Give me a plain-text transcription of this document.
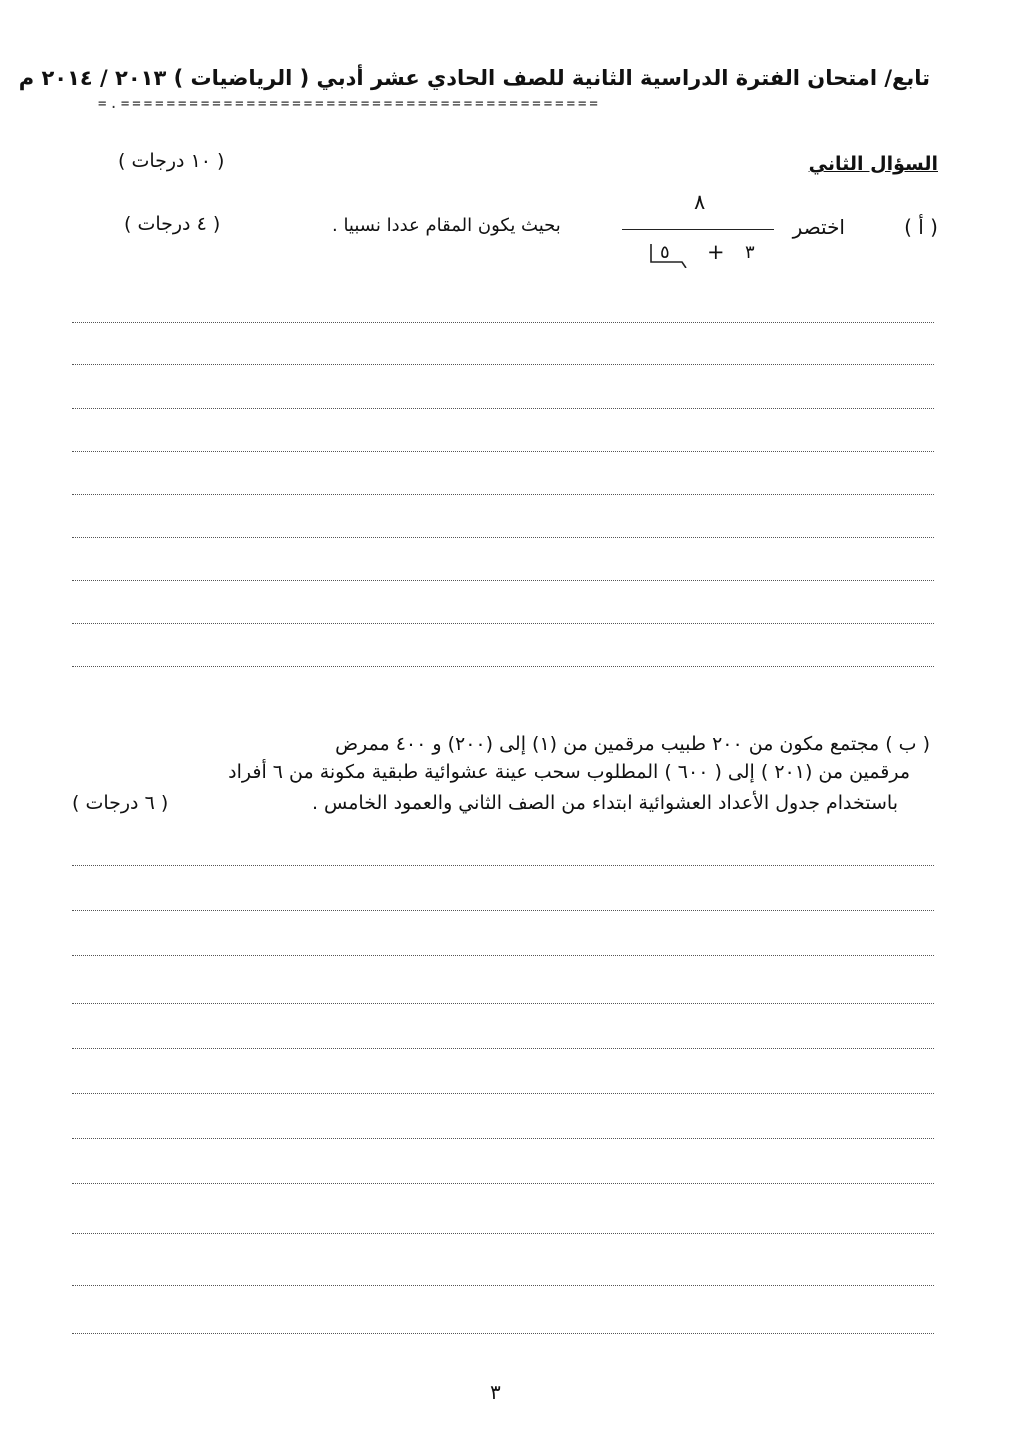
تابع/ امتحان الفترة الدراسية الثانية للصف الحادي عشر أدبي ( الرياضيات ) ٢٠١٣ / ٢٠١٤ م
=.==========================================
السؤال الثاني
( ١٠ درجات )
( أ )
اختصر
٨
٥ + ٣
بحيث يكون المقام عددا نسبيا .
( ٤ درجات )
( ب ) مجتمع مكون من ٢٠٠ طبيب مرقمين من (١) إلى (٢٠٠) و ٤٠٠ ممرض
مرقمين من (٢٠١ ) إلى ( ٦٠٠ ) المطلوب سحب عينة عشوائية طبقية مكونة من ٦ أفراد
باستخدام جدول الأعداد العشوائية ابتداء من الصف الثاني والعمود الخامس .
( ٦ درجات )
٣
